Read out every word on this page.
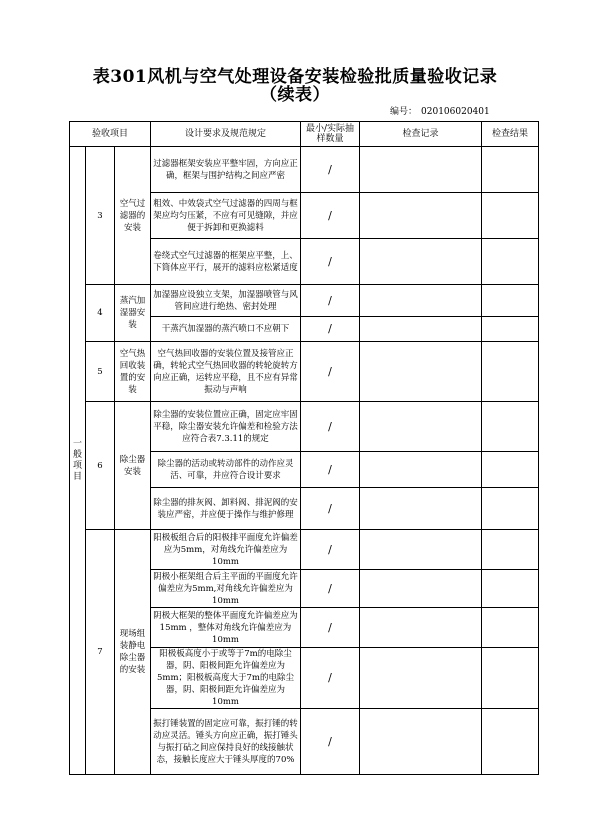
表301风机与空气处理设备安装检验批质量验收记录
（续表）
编号： 020106020401
验收项目			设计要求及规范规定	最小/实际抽样数量	检查记录	检查结果
一般项目	3	空气过滤器的安装	过滤器框架安装应平整牢固，方向应正确，框架与围护结构之间应严密	/		
			粗效、中效袋式空气过滤器的四周与框架应均匀压紧，不应有可见缝隙，并应便于拆卸和更换滤料	/		
			卷绕式空气过滤器的框架应平整，上、下筒体应平行，展开的滤料应松紧适度	/		
	4	蒸汽加湿器安装	加湿器应设独立支架，加湿器喷管与风管间应进行绝热、密封处理	/		
			干蒸汽加湿器的蒸汽喷口不应朝下	/		
	5	空气热回收装置的安装	空气热回收器的安装位置及接管应正确，转轮式空气热回收器的转轮旋转方向应正确，运转应平稳，且不应有异常振动与声响	/		
	6	除尘器安装	除尘器的安装位置应正确，固定应牢固平稳，除尘器安装允许偏差和检验方法应符合表7.3.11的规定	/		
			除尘器的活动或转动部件的动作应灵活、可靠，并应符合设计要求	/		
			除尘器的排灰阀、卸料阀、排泥阀的安装应严密，并应便于操作与维护修理	/		
	7	现场组装静电除尘器的安装	阳极板组合后的阳极排平面度允许偏差应为5mm，对角线允许偏差应为10mm	/		
			阴极小框架组合后主平面的平面度允许偏差应为5mm,对角线允许偏差应为10mm	/		
			阴极大框架的整体平面度允许偏差应为 15mm ，整体对角线允许偏差应为10mm	/		
			阳极板高度小于或等于7m的电除尘器，阴、阳极间距允许偏差应为5mm；阳极板高度大于7m的电除尘器，阴、阳极间距允许偏差应为10mm	/		
			振打锤装置的固定应可靠，振打锤的转动应灵活。锤头方向应正确，振打锤头与振打砧之间应保持良好的线接触状态，接触长度应大于锤头厚度的70%	/		
